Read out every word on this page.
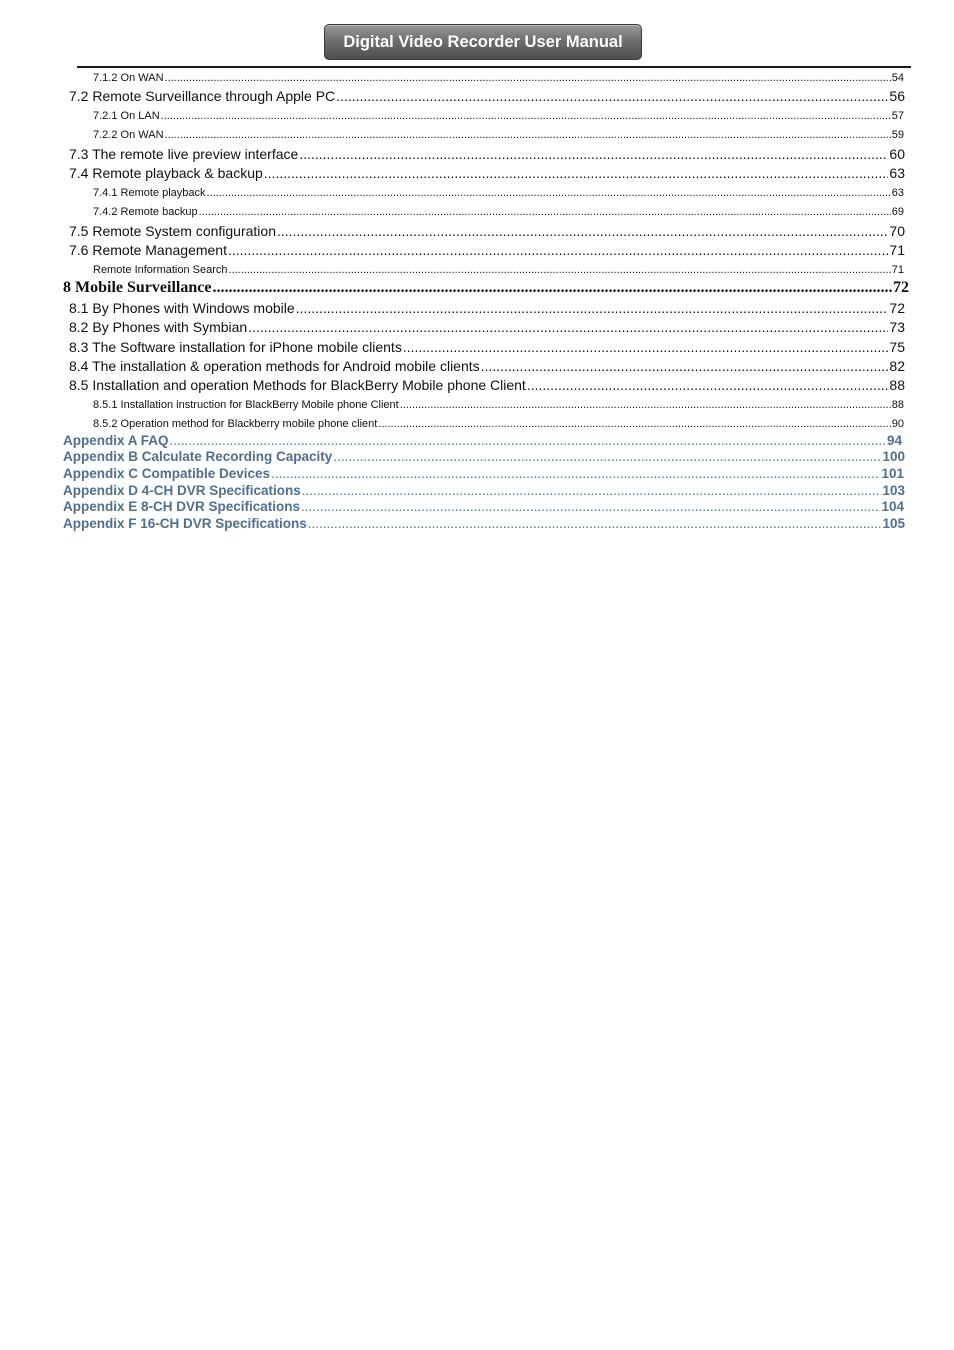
Digital Video Recorder User Manual
7.1.2 On WAN .....	54
7.2 Remote Surveillance through Apple PC .....	56
7.2.1 On LAN .....	57
7.2.2 On WAN .....	59
7.3 The remote live preview interface .....	60
7.4 Remote playback & backup .....	63
7.4.1 Remote playback .....	63
7.4.2 Remote backup .....	69
7.5 Remote System configuration .....	70
7.6 Remote Management .....	71
Remote Information Search .....	71
8 Mobile Surveillance .....	72
8.1 By Phones with Windows mobile .....	72
8.2 By Phones with Symbian .....	73
8.3 The Software installation for iPhone mobile clients .....	75
8.4 The installation & operation methods for Android mobile clients .....	82
8.5 Installation and operation Methods for BlackBerry Mobile phone Client .....	88
8.5.1 Installation instruction for BlackBerry Mobile phone Client .....	88
8.5.2 Operation method for Blackberry mobile phone client .....	90
Appendix A FAQ .....	94
Appendix B Calculate Recording Capacity .....	100
Appendix C Compatible Devices .....	101
Appendix D 4-CH DVR Specifications .....	103
Appendix E 8-CH DVR Specifications .....	104
Appendix F 16-CH DVR Specifications .....	105
